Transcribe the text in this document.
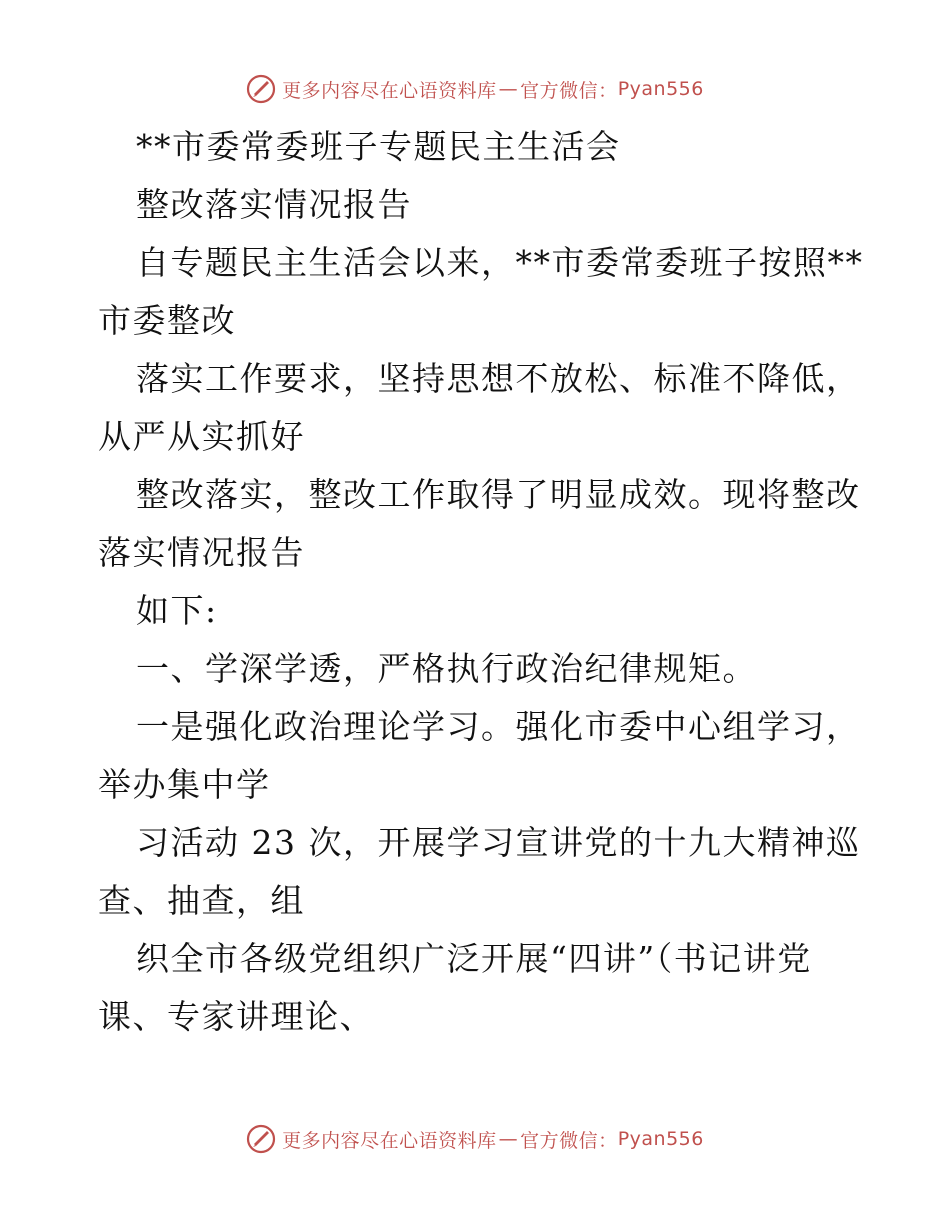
更多内容尽在心语资料库 — 官方微信： Pyan556
**市委常委班子专题民主生活会
整改落实情况报告
自专题民主生活会以来，**市委常委班子按照**
市委整改
落实工作要求，坚持思想不放松、标准不降低，
从严从实抓好
整改落实，整改工作取得了明显成效。现将整改
落实情况报告
如下:
一、学深学透，严格执行政治纪律规矩。
一是强化政治理论学习。强化市委中心组学习，
举办集中学
习活动 23 次，开展学习宣讲党的十九大精神巡
查、抽查，组
织全市各级党组织广泛开展“四讲”（书记讲党
课、专家讲理论、
更多内容尽在心语资料库 — 官方微信： Pyan556
